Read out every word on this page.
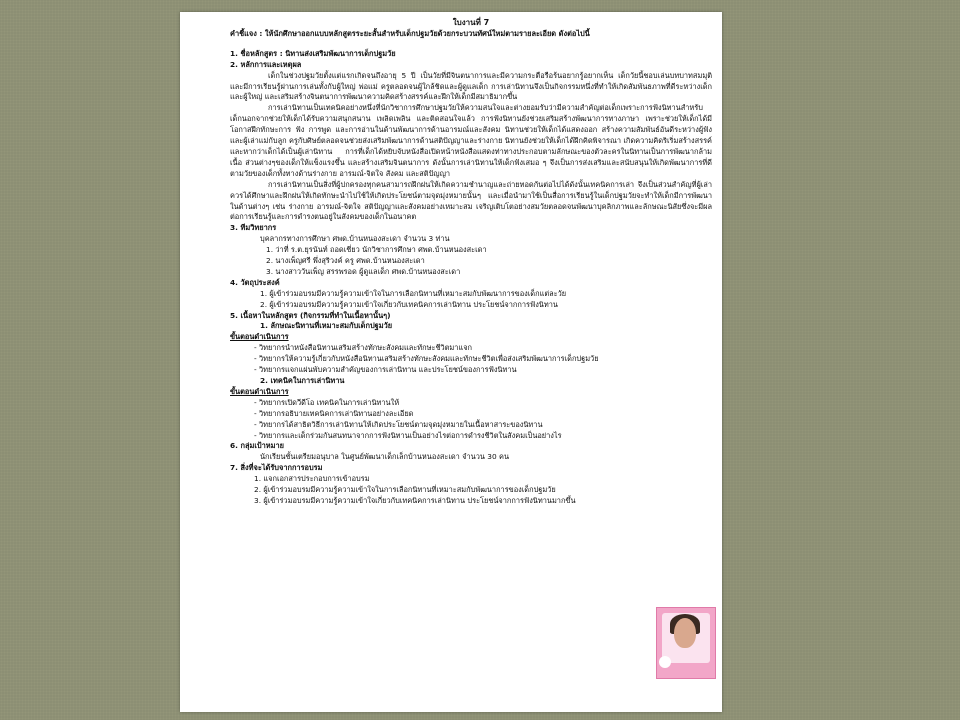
ใบงานที่ 7
คำชี้แจง : ให้นักศึกษาออกแบบหลักสูตรระยะสั้นสำหรับเด็กปฐมวัยด้วยกระบวนทัศน์ใหม่ตามรายละเอียด ดังต่อไปนี้
1. ชื่อหลักสูตร : นิทานส่งเสริมพัฒนาการเด็กปฐมวัย
2. หลักการและเหตุผล
เด็กในช่วงปฐมวัยตั้งแต่แรกเกิดจนถึงอายุ 5 ปี เป็นวัยที่มีจินตนาการและมีความกระตือรือร้นอยากรู้อยากเห็น เด็กวัยนี้ชอบเล่นบทบาทสมมุติและมีการเรียนรู้ผ่านการเล่นทั้งกับผู้ใหญ่ พ่อแม่ ครูตลอดจนผู้ใกล้ชิดและผู้ดูแลเด็ก การเล่านิทานจึงเป็นกิจกรรมหนึ่งที่ทำให้เกิดสัมพันธภาพที่ดีระหว่างเด็กและผู้ใหญ่ และเสริมสร้างจินตนาการพัฒนาความคิดสร้างสรรค์และฝึกให้เด็กมีสมาธิมากขึ้น
การเล่านิทานเป็นเทคนิคอย่างหนึ่งที่นักวิชาการศึกษาปฐมวัยให้ความสนใจและต่างยอมรับว่ามีความสำคัญต่อเด็กเพราะการฟังนิทานสำหรับเด็กนอกจากช่วยให้เด็กได้รับความสนุกสนาน เพลิดเพลิน และติดสอนใจแล้ว การฟังนิทานยังช่วยเสริมสร้างพัฒนาการทางภาษา เพราะช่วยให้เด็กได้มีโอกาสฝึกทักษะการ ฟัง การพูด และการอ่านในด้านพัฒนาการด้านอารมณ์และสังคม นิทานช่วยให้เด็กได้แสดงออก สร้างความสัมพันธ์อันดีระหว่างผู้ฟังและผู้เล่าแม่กับลูก ครูกับศิษย์ตลอดจนช่วยส่งเสริมพัฒนาการด้านสติปัญญาและร่างกาย นิทานยังช่วยให้เด็กได้ฝึกคิดพิจารณา เกิดความคิดริเริ่มสร้างสรรค์ และหากว่าเด็กได้เป็นผู้เล่านิทาน การที่เด็กได้หยิบจับหนังสือเปิดหน้าหนังสือแสดงท่าทางประกอบตามลักษณะของตัวละครในนิทานเป็นการพัฒนากล้ามเนื้อ ส่วนต่างๆของเด็กให้แข็งแรงขึ้น และสร้างเสริมจินตนาการ ดังนั้นการเล่านิทานให้เด็กฟังเสมอ ๆ จึงเป็นการส่งเสริมและสนับสนุนให้เกิดพัฒนาการที่ดีตามวัยของเด็กทั้งทางด้านร่างกาย อารมณ์-จิตใจ สังคม และสติปัญญา
การเล่านิทานเป็นสิ่งที่ผู้ปกครองทุกคนสามารถฝึกฝนให้เกิดความชำนาญและถ่ายทอดกันต่อไปได้ดังนั้นเทคนิคการเล่า จึงเป็นส่วนสำคัญที่ผู้เล่าควรได้ศึกษาและฝึกฝนให้เกิดทักษะนำไปใช้ให้เกิดประโยชน์ตามจุดมุ่งหมายนั้นๆ และเมื่อนำมาใช้เป็นสื่อการเรียนรู้ในเด็กปฐมวัยจะทำให้เด็กมีการพัฒนาในด้านต่างๆ เช่น ร่างกาย อารมณ์-จิตใจ สติปัญญาและสังคมอย่างเหมาะสม เจริญเติบโตอย่างสมวัยตลอดจนพัฒนาบุคลิกภาพและลักษณะนิสัยซึ่งจะมีผลต่อการเรียนรู้และการดำรงตนอยู่ในสังคมของเด็กในอนาคต
3. ทีมวิทยากร
บุคลากรทางการศึกษา ศพด.บ้านหนองสะเดา จำนวน 3 ท่าน
1. ว่าที่ ร.ต.ยุรนันท์ ถอดเชี่ยว นักวิชาการศึกษา ศพด.บ้านหนองสะเดา
2. นางเพ็ญศรี พึ่งสุริวงค์ ครู ศพด.บ้านหนองสะเดา
3. นางสาววันเพ็ญ สรรพรอด ผู้ดูแลเด็ก ศพด.บ้านหนองสะเดา
4. วัตถุประสงค์
1. ผู้เข้าร่วมอบรมมีความรู้ความเข้าใจในการเลือกนิทานที่เหมาะสมกับพัฒนาการของเด็กแต่ละวัย
2. ผู้เข้าร่วมอบรมมีความรู้ความเข้าใจเกี่ยวกับเทคนิคการเล่านิทาน ประโยชน์จากการฟังนิทาน
5. เนื้อหาในหลักสูตร (กิจกรรมที่ทำในเนื้อหานั้นๆ)
1. ลักษณะนิทานที่เหมาะสมกับเด็กปฐมวัย
ขั้นตอนดำเนินการ
- วิทยากรนำหนังสือนิทานเสริมสร้างทักษะสังคมและทักษะชีวิตมาแจก
- วิทยากรให้ความรู้เกี่ยวกับหนังสือนิทานเสริมสร้างทักษะสังคมและทักษะชีวิตเพื่อส่งเสริมพัฒนาการเด็กปฐมวัย
- วิทยากรแจกแผ่นพับความสำคัญของการเล่านิทาน และประโยชน์ของการฟังนิทาน
2. เทคนิคในการเล่านิทาน
ขั้นตอนดำเนินการ
- วิทยากรเปิดวีดีโอ เทคนิคในการเล่านิทานให้
- วิทยากรอธิบายเทคนิคการเล่านิทานอย่างละเอียด
- วิทยากรได้สาธิตวิธีการเล่านิทานให้เกิดประโยชน์ตามจุดมุ่งหมายในเนื้อหาสาระของนิทาน
- วิทยากรและเด็กร่วมกันสนทนาจากการฟังนิทานเป็นอย่างไรต่อการดำรงชีวิตในสังคมเป็นอย่างไร
6. กลุ่มเป้าหมาย
นักเรียนชั้นเตรียมอนุบาล ในศูนย์พัฒนาเด็กเล็กบ้านหนองสะเดา จำนวน 30 คน
7. สิ่งที่จะได้รับจากการอบรม
1. แจกเอกสารประกอบการเข้าอบรม
2. ผู้เข้าร่วมอบรมมีความรู้ความเข้าใจในการเลือกนิทานที่เหมาะสมกับพัฒนาการของเด็กปฐมวัย
3. ผู้เข้าร่วมอบรมมีความรู้ความเข้าใจเกี่ยวกับเทคนิคการเล่านิทาน ประโยชน์จากการฟังนิทานมากขึ้น
